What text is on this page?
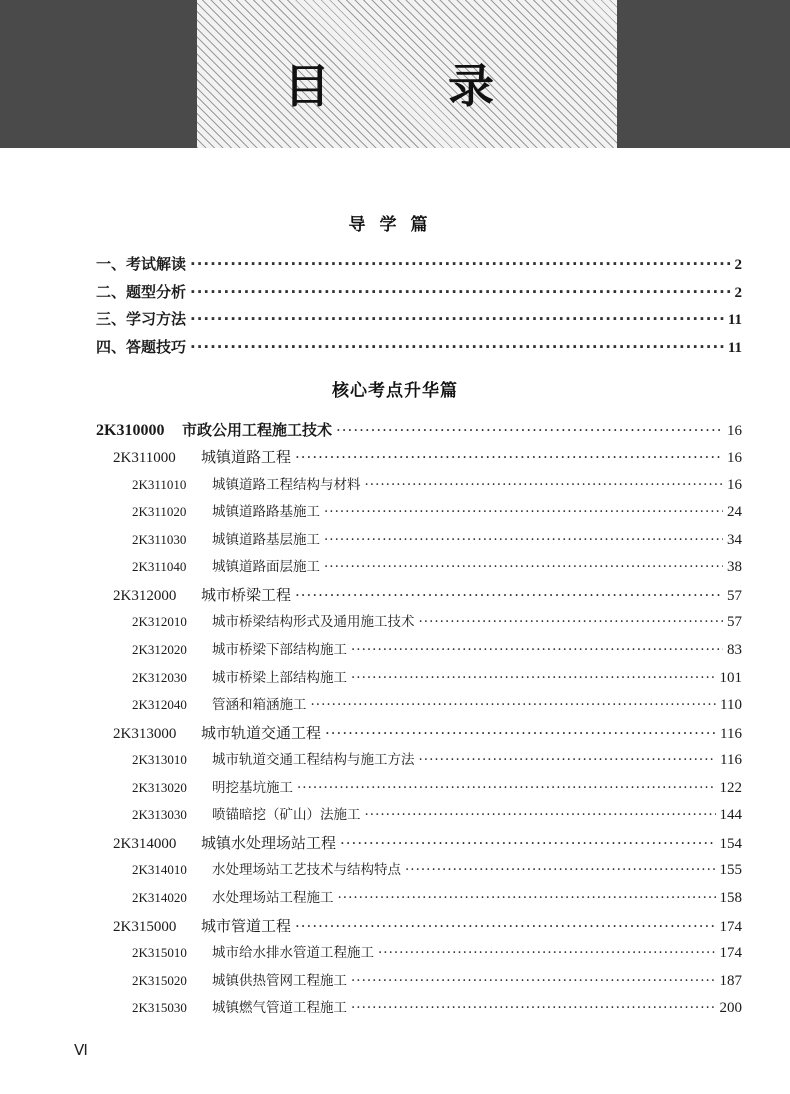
目　录
导学篇
一、考试解读 ·····	2
二、题型分析 ·····	2
三、学习方法 ·····	11
四、答题技巧 ·····	11
核心考点升华篇
2K310000	市政公用工程施工技术 ·····	16
2K311000	城镇道路工程 ·····	16
2K311010	城镇道路工程结构与材料 ·····	16
2K311020	城镇道路路基施工 ·····	24
2K311030	城镇道路基层施工 ·····	34
2K311040	城镇道路面层施工 ·····	38
2K312000	城市桥梁工程 ·····	57
2K312010	城市桥梁结构形式及通用施工技术 ·····	57
2K312020	城市桥梁下部结构施工 ·····	83
2K312030	城市桥梁上部结构施工 ·····	101
2K312040	管涵和箱涵施工 ·····	110
2K313000	城市轨道交通工程 ·····	116
2K313010	城市轨道交通工程结构与施工方法 ·····	116
2K313020	明挖基坑施工 ·····	122
2K313030	喷锚暗挖（矿山）法施工 ·····	144
2K314000	城镇水处理场站工程 ·····	154
2K314010	水处理场站工艺技术与结构特点 ·····	155
2K314020	水处理场站工程施工 ·····	158
2K315000	城市管道工程 ·····	174
2K315010	城市给水排水管道工程施工 ·····	174
2K315020	城镇供热管网工程施工 ·····	187
2K315030	城镇燃气管道工程施工 ·····	200
Ⅵ
